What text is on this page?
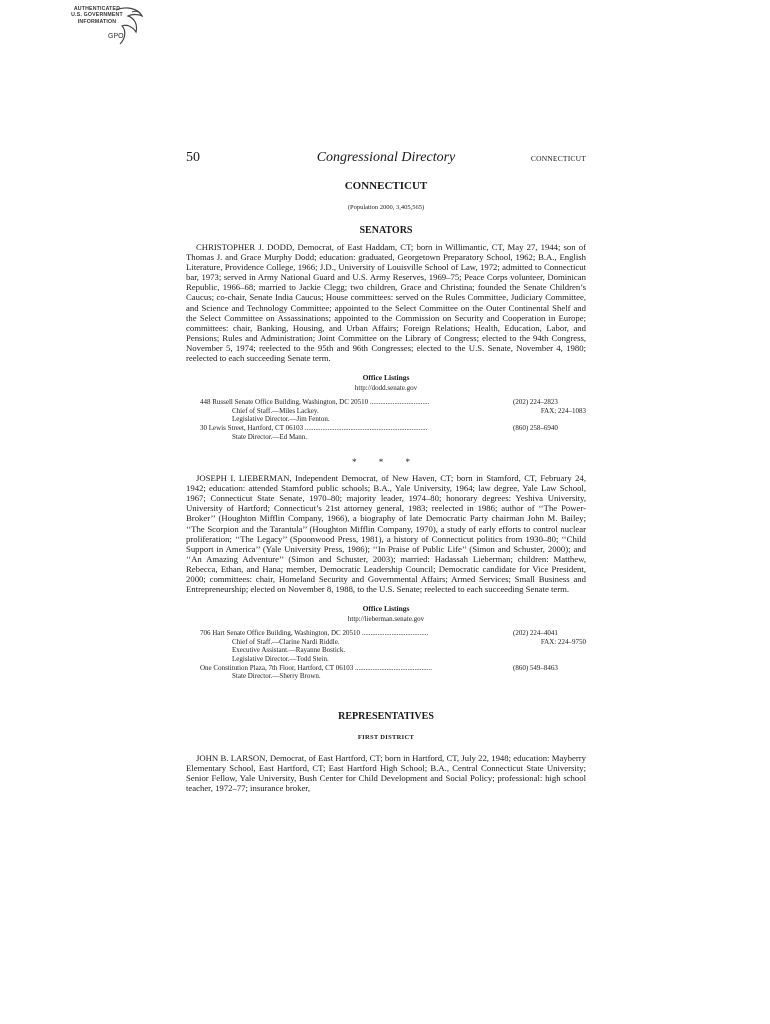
AUTHENTICATED
U.S. GOVERNMENT
INFORMATION
GPO
50	Congressional Directory	CONNECTICUT
CONNECTICUT
(Population 2000, 3,405,565)
SENATORS
CHRISTOPHER J. DODD, Democrat, of East Haddam, CT; born in Willimantic, CT, May 27, 1944; son of Thomas J. and Grace Murphy Dodd; education: graduated, Georgetown Preparatory School, 1962; B.A., English Literature, Providence College, 1966; J.D., University of Louisville School of Law, 1972; admitted to Connecticut bar, 1973; served in Army National Guard and U.S. Army Reserves, 1969–75; Peace Corps volunteer, Dominican Republic, 1966–68; married to Jackie Clegg; two children, Grace and Christina; founded the Senate Children’s Caucus; co-chair, Senate India Caucus; House committees: served on the Rules Committee, Judiciary Committee, and Science and Technology Committee; appointed to the Select Committee on the Outer Continental Shelf and the Select Committee on Assassinations; appointed to the Commission on Security and Cooperation in Europe; committees: chair, Banking, Housing, and Urban Affairs; Foreign Relations; Health, Education, Labor, and Pensions; Rules and Administration; Joint Committee on the Library of Congress; elected to the 94th Congress, November 5, 1974; reelected to the 95th and 96th Congresses; elected to the U.S. Senate, November 4, 1980; reelected to each succeeding Senate term.
Office Listings
http://dodd.senate.gov
448 Russell Senate Office Building, Washington, DC 20510 ..................................	(202) 224–2823
Chief of Staff.—Miles Lackey.	FAX: 224–1083
Legislative Director.—Jim Fenton.
30 Lewis Street, Hartford, CT 06103 ......................................................................	(860) 258–6940
State Director.—Ed Mann.
* * *
JOSEPH I. LIEBERMAN, Independent Democrat, of New Haven, CT; born in Stamford, CT, February 24, 1942; education: attended Stamford public schools; B.A., Yale University, 1964; law degree, Yale Law School, 1967; Connecticut State Senate, 1970–80; majority leader, 1974–80; honorary degrees: Yeshiva University, University of Hartford; Connecticut’s 21st attorney general, 1983; reelected in 1986; author of ‘‘The Power-Broker’’ (Houghton Mifflin Company, 1966), a biography of late Democratic Party chairman John M. Bailey; ‘‘The Scorpion and the Tarantula’’ (Houghton Mifflin Company, 1970), a study of early efforts to control nuclear proliferation; ‘‘The Legacy’’ (Spoonwood Press, 1981), a history of Connecticut politics from 1930–80; ‘‘Child Support in America’’ (Yale University Press, 1986); ‘‘In Praise of Public Life’’ (Simon and Schuster, 2000); and ‘‘An Amazing Adventure’’ (Simon and Schuster, 2003); married: Hadassah Lieberman; children: Matthew, Rebecca, Ethan, and Hana; member, Democratic Leadership Council; Democratic candidate for Vice President, 2000; committees: chair, Homeland Security and Governmental Affairs; Armed Services; Small Business and Entrepreneurship; elected on November 8, 1988, to the U.S. Senate; reelected to each succeeding Senate term.
Office Listings
http://lieberman.senate.gov
706 Hart Senate Office Building, Washington, DC 20510 ......................................	(202) 224–4041
Chief of Staff.—Clarine Nardi Riddle.	FAX: 224–9750
Executive Assistant.—Rayanne Bostick.
Legislative Director.—Todd Stein.
One Constitution Plaza, 7th Floor, Hartford, CT 06103 ............................................	(860) 549–8463
State Director.—Sherry Brown.
REPRESENTATIVES
FIRST DISTRICT
JOHN B. LARSON, Democrat, of East Hartford, CT; born in Hartford, CT, July 22, 1948; education: Mayberry Elementary School, East Hartford, CT; East Hartford High School; B.A., Central Connecticut State University; Senior Fellow, Yale University, Bush Center for Child Development and Social Policy; professional: high school teacher, 1972–77; insurance broker,
